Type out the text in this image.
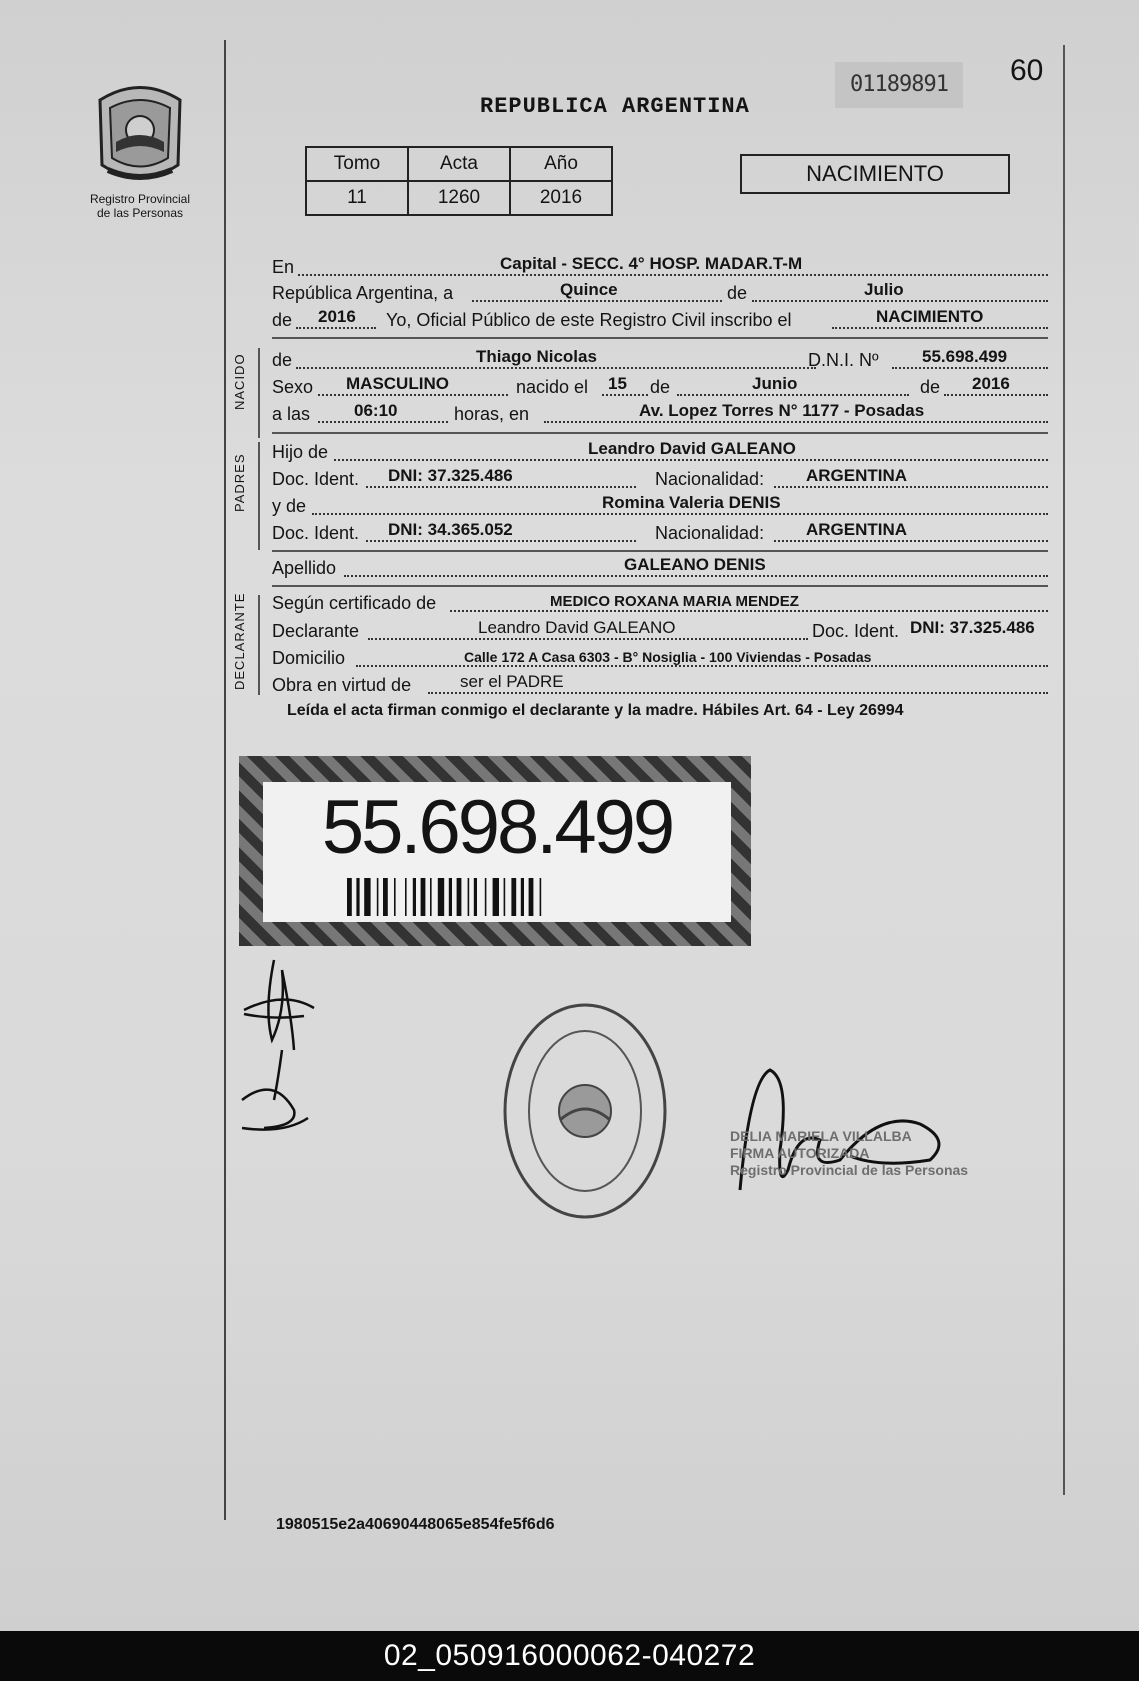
Registro Provincial
de las Personas
01189891	60
REPUBLICA ARGENTINA
Tomo	Acta	Año
11	1260	2016
NACIMIENTO
En	Capital - SECC. 4° HOSP. MADAR.T-M
República Argentina, a	Quince	de	Julio
de 2016 Yo, Oficial Público de este Registro Civil inscribo el	NACIMIENTO
NACIDO de	Thiago Nicolas	D.N.I. Nº	55.698.499
Sexo MASCULINO	nacido el 15 de	Junio	de 2016
a las	06:10	horas, en	Av. Lopez Torres N° 1177 - Posadas
PADRES
Hijo de	Leandro David GALEANO
Doc. Ident. DNI: 37.325.486	Nacionalidad: ARGENTINA
y de	Romina Valeria DENIS
Doc. Ident. DNI: 34.365.052	Nacionalidad: ARGENTINA
Apellido	GALEANO DENIS
DECLARANTE Según certificado de	MEDICO ROXANA MARIA MENDEZ
Declarante	Leandro David GALEANO	Doc. Ident. DNI: 37.325.486
Domicilio	Calle 172 A Casa 6303 - B° Nosiglia - 100 Viviendas - Posadas
Obra en virtud de	ser el PADRE
Leída el acta firman conmigo el declarante y la madre. Hábiles Art. 64 - Ley 26994
55.698.499
DELIA MARIELA VILLALBA
FIRMA AUTORIZADA
Registro Provincial de las Personas
1980515e2a40690448065e854fe5f6d6
02_050916000062-040272
